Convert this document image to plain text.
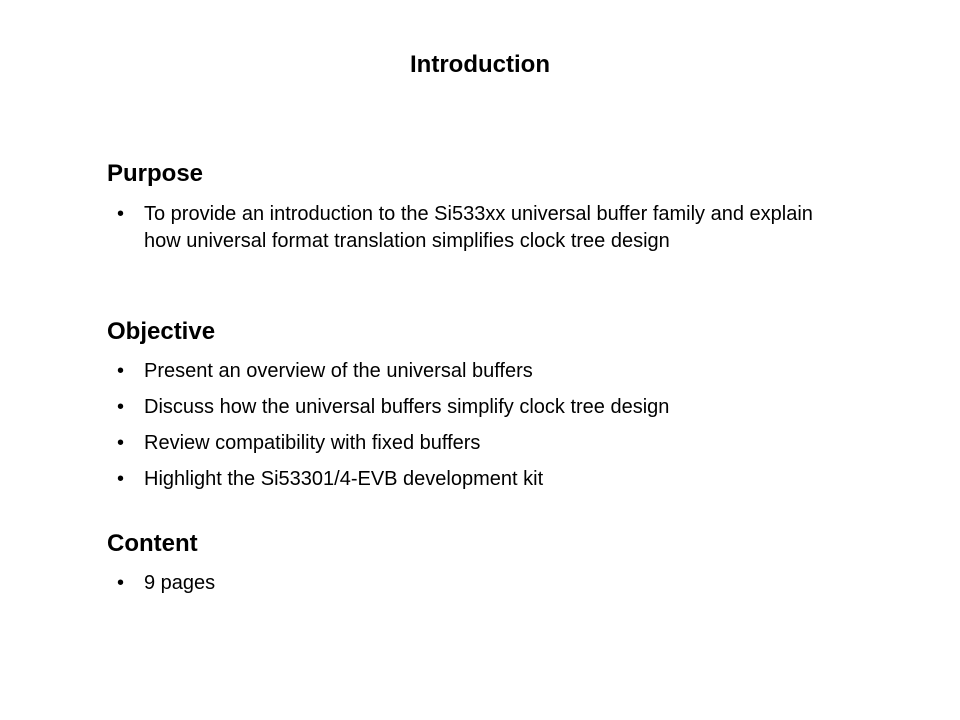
Introduction
Purpose
• To provide an introduction to the Si533xx universal buffer family and explain how universal format translation simplifies clock tree design
Objective
• Present an overview of the universal buffers
• Discuss how the universal buffers simplify clock tree design
• Review compatibility with fixed buffers
• Highlight the Si53301/4-EVB development kit
Content
• 9 pages
